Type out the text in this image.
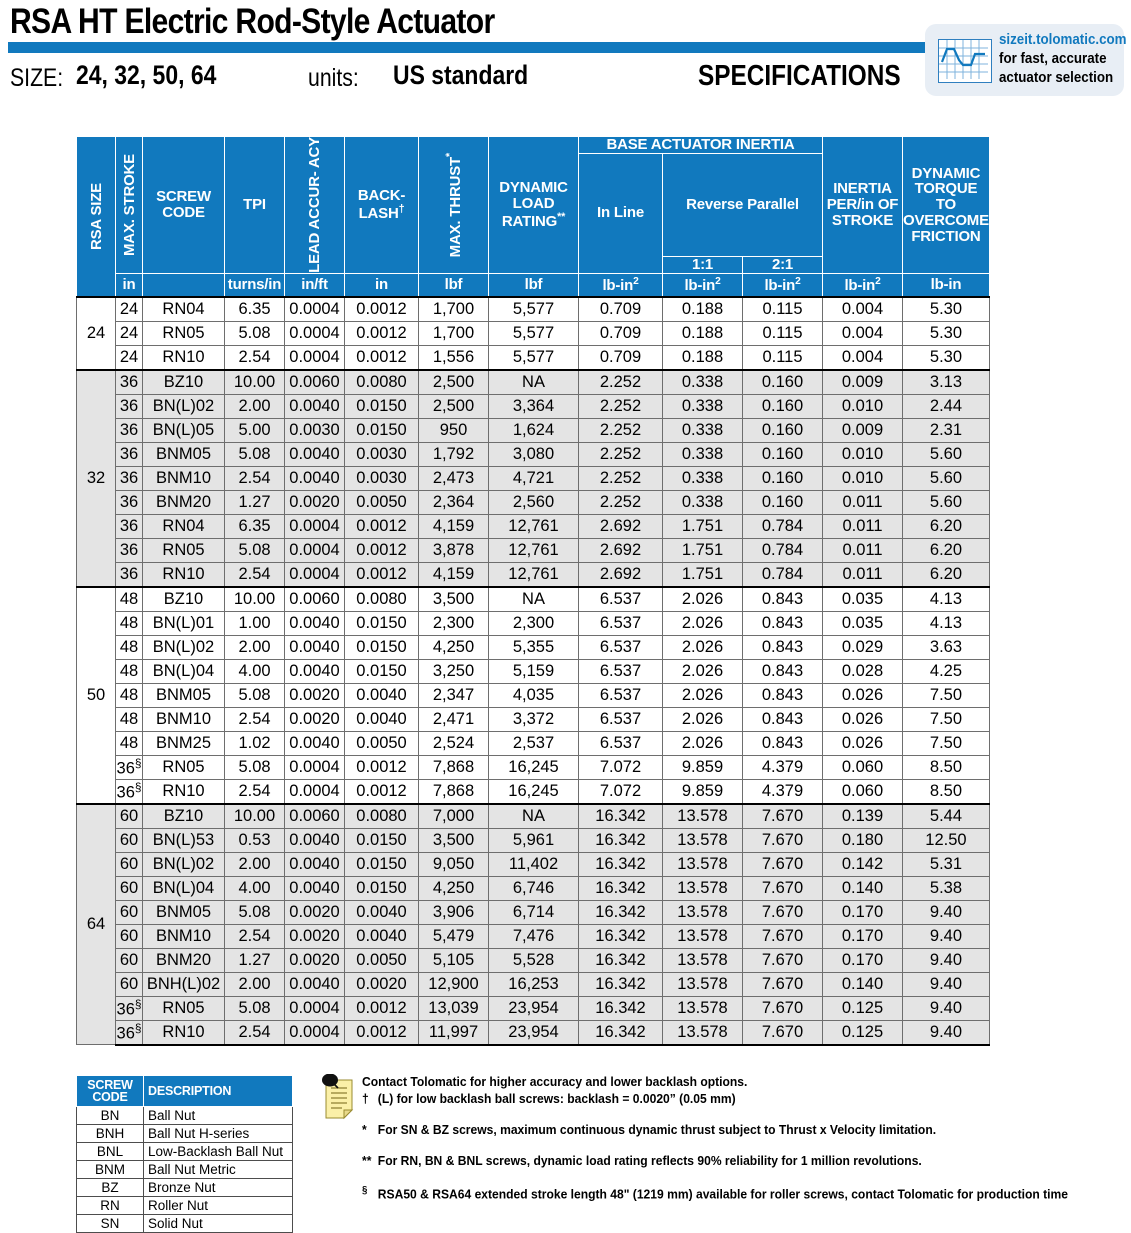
RSA HT Electric Rod-Style Actuator
SIZE: 24, 32, 50, 64	units: US standard	SPECIFICATIONS
sizeit.tolomatic.com
for fast, accurate
actuator selection
RSA SIZE	MAX. STROKE	SCREW CODE	TPI	LEAD ACCUR- ACY	BACK- LASH†	MAX. THRUST*	DYNAMIC LOAD RATING**	BASE ACTUATOR INERTIA			INERTIA PER/in OF STROKE	DYNAMIC TORQUE TO OVERCOME FRICTION
								In Line	Reverse Parallel			
									1:1	2:1		
	in		turns/in	in/ft	in	lbf	lbf	$lb-in^2$	$lb-in^2$	$lb-in^2$	$lb-in^2$	lb-in
24	24	RN04	6.35	0.0004	0.0012	1,700	5,577	0.709	0.188	0.115	0.004	5.30
	24	RN05	5.08	0.0004	0.0012	1,700	5,577	0.709	0.188	0.115	0.004	5.30
	24	RN10	2.54	0.0004	0.0012	1,556	5,577	0.709	0.188	0.115	0.004	5.30
32	36	BZ10	10.00	0.0060	0.0080	2,500	NA	2.252	0.338	0.160	0.009	3.13
	36	BN(L)02	2.00	0.0040	0.0150	2,500	3,364	2.252	0.338	0.160	0.010	2.44
	36	BN(L)05	5.00	0.0030	0.0150	950	1,624	2.252	0.338	0.160	0.009	2.31
	36	BNM05	5.08	0.0040	0.0030	1,792	3,080	2.252	0.338	0.160	0.010	5.60
	36	BNM10	2.54	0.0040	0.0030	2,473	4,721	2.252	0.338	0.160	0.010	5.60
	36	BNM20	1.27	0.0020	0.0050	2,364	2,560	2.252	0.338	0.160	0.011	5.60
	36	RN04	6.35	0.0004	0.0012	4,159	12,761	2.692	1.751	0.784	0.011	6.20
	36	RN05	5.08	0.0004	0.0012	3,878	12,761	2.692	1.751	0.784	0.011	6.20
	36	RN10	2.54	0.0004	0.0012	4,159	12,761	2.692	1.751	0.784	0.011	6.20
50	48	BZ10	10.00	0.0060	0.0080	3,500	NA	6.537	2.026	0.843	0.035	4.13
	48	BN(L)01	1.00	0.0040	0.0150	2,300	2,300	6.537	2.026	0.843	0.035	4.13
	48	BN(L)02	2.00	0.0040	0.0150	4,250	5,355	6.537	2.026	0.843	0.029	3.63
	48	BN(L)04	4.00	0.0040	0.0150	3,250	5,159	6.537	2.026	0.843	0.028	4.25
	48	BNM05	5.08	0.0020	0.0040	2,347	4,035	6.537	2.026	0.843	0.026	7.50
	48	BNM10	2.54	0.0020	0.0040	2,471	3,372	6.537	2.026	0.843	0.026	7.50
	48	BNM25	1.02	0.0040	0.0050	2,524	2,537	6.537	2.026	0.843	0.026	7.50
	36§	RN05	5.08	0.0004	0.0012	7,868	16,245	7.072	9.859	4.379	0.060	8.50
	36§	RN10	2.54	0.0004	0.0012	7,868	16,245	7.072	9.859	4.379	0.060	8.50
64	60	BZ10	10.00	0.0060	0.0080	7,000	NA	16.342	13.578	7.670	0.139	5.44
	60	BN(L)53	0.53	0.0040	0.0150	3,500	5,961	16.342	13.578	7.670	0.180	12.50
	60	BN(L)02	2.00	0.0040	0.0150	9,050	11,402	16.342	13.578	7.670	0.142	5.31
	60	BN(L)04	4.00	0.0040	0.0150	4,250	6,746	16.342	13.578	7.670	0.140	5.38
	60	BNM05	5.08	0.0020	0.0040	3,906	6,714	16.342	13.578	7.670	0.170	9.40
	60	BNM10	2.54	0.0020	0.0040	5,479	7,476	16.342	13.578	7.670	0.170	9.40
	60	BNM20	1.27	0.0020	0.0050	5,105	5,528	16.342	13.578	7.670	0.170	9.40
	60	BNH(L)02	2.00	0.0040	0.0020	12,900	16,253	16.342	13.578	7.670	0.140	9.40
	36§	RN05	5.08	0.0004	0.0012	13,039	23,954	16.342	13.578	7.670	0.125	9.40
	36§	RN10	2.54	0.0004	0.0012	11,997	23,954	16.342	13.578	7.670	0.125	9.40
SCREW CODE	DESCRIPTION
BN	Ball Nut
BNH	Ball Nut H-series
BNL	Low-Backlash Ball Nut
BNM	Ball Nut Metric
BZ	Bronze Nut
RN	Roller Nut
SN	Solid Nut
Contact Tolomatic for higher accuracy and lower backlash options.
† (L) for low backlash ball screws: backlash = 0.0020” (0.05 mm)
* For SN & BZ screws, maximum continuous dynamic thrust subject to Thrust x Velocity limitation.
** For RN, BN & BNL screws, dynamic load rating reflects 90% reliability for 1 million revolutions.
§ RSA50 & RSA64 extended stroke length 48" (1219 mm) available for roller screws, contact Tolomatic for production time
